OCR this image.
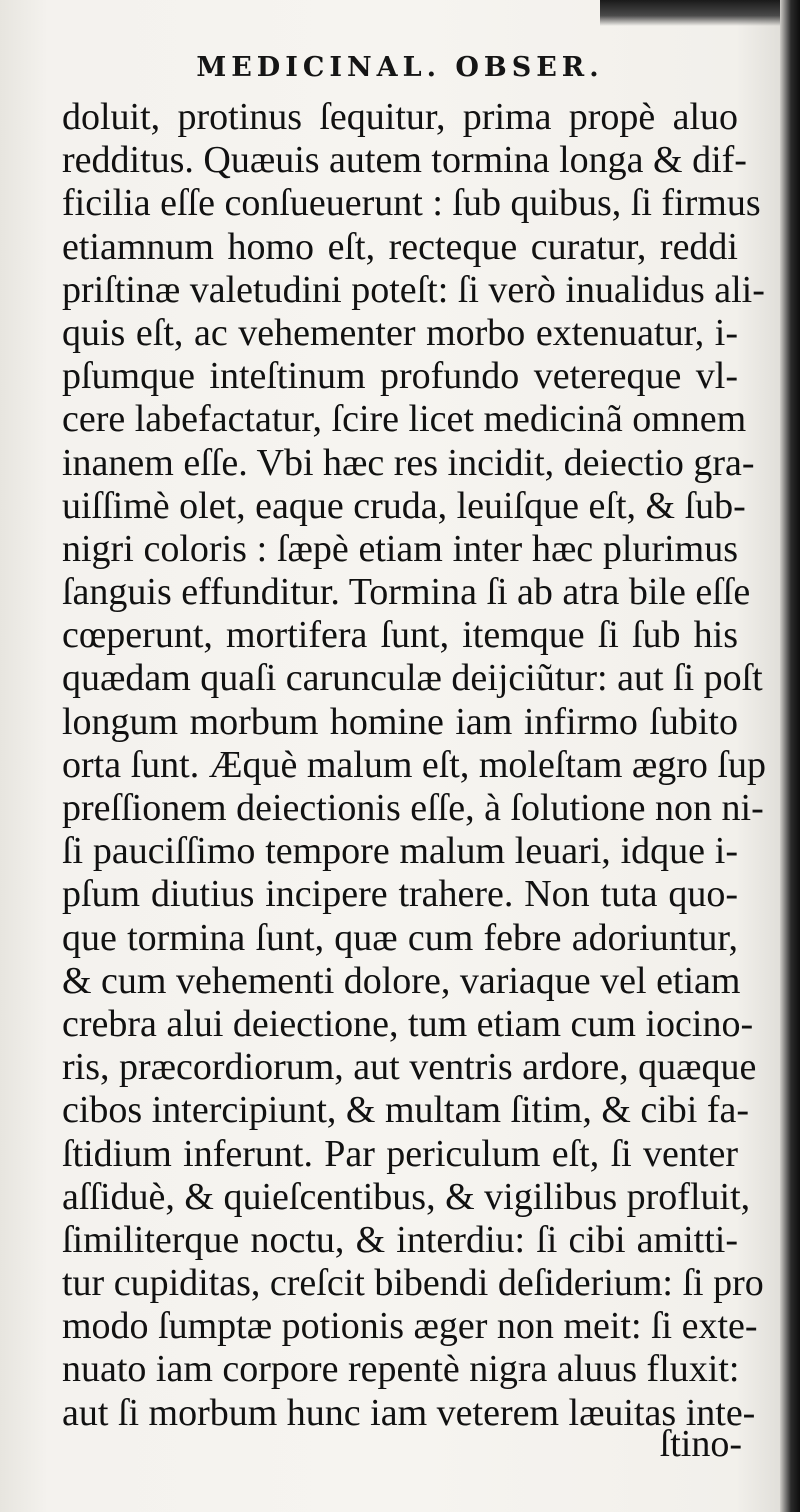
MEDICINAL. OBSER.
doluit, protinus ſequitur, prima propè aluo
redditus. Quæuis autem tormina longa & dif-
ficilia eſſe conſueuerunt : ſub quibus, ſi firmus
etiamnum homo eſt, recteque curatur, reddi
priſtinæ valetudini poteſt: ſi verò inualidus ali-
quis eſt, ac vehementer morbo extenuatur, i-
pſumque inteſtinum profundo vetereque vl-
cere labefactatur, ſcire licet medicinã omnem
inanem eſſe. Vbi hæc res incidit, deiectio gra-
uiſſimè olet, eaque cruda, leuiſque eſt, & ſub-
nigri coloris : ſæpè etiam inter hæc plurimus
ſanguis effunditur. Tormina ſi ab atra bile eſſe
cœperunt, mortifera ſunt, itemque ſi ſub his
quædam quaſi carunculæ deijciũtur: aut ſi poſt
longum morbum homine iam infirmo ſubito
orta ſunt. Æquè malum eſt, moleſtam ægro ſup
preſſionem deiectionis eſſe, à ſolutione non ni-
ſi pauciſſimo tempore malum leuari, idque i-
pſum diutius incipere trahere. Non tuta quo-
que tormina ſunt, quæ cum febre adoriuntur,
& cum vehementi dolore, variaque vel etiam
crebra alui deiectione, tum etiam cum iocino-
ris, præcordiorum, aut ventris ardore, quæque
cibos intercipiunt, & multam ſitim, & cibi fa-
ſtidium inferunt. Par periculum eſt, ſi venter
aſſiduè, & quieſcentibus, & vigilibus profluit,
ſimiliterque noctu, & interdiu: ſi cibi amitti-
tur cupiditas, creſcit bibendi deſiderium: ſi pro
modo ſumptæ potionis æger non meit: ſi exte-
nuato iam corpore repentè nigra aluus fluxit:
aut ſi morbum hunc iam veterem læuitas inte-
ſtino-
